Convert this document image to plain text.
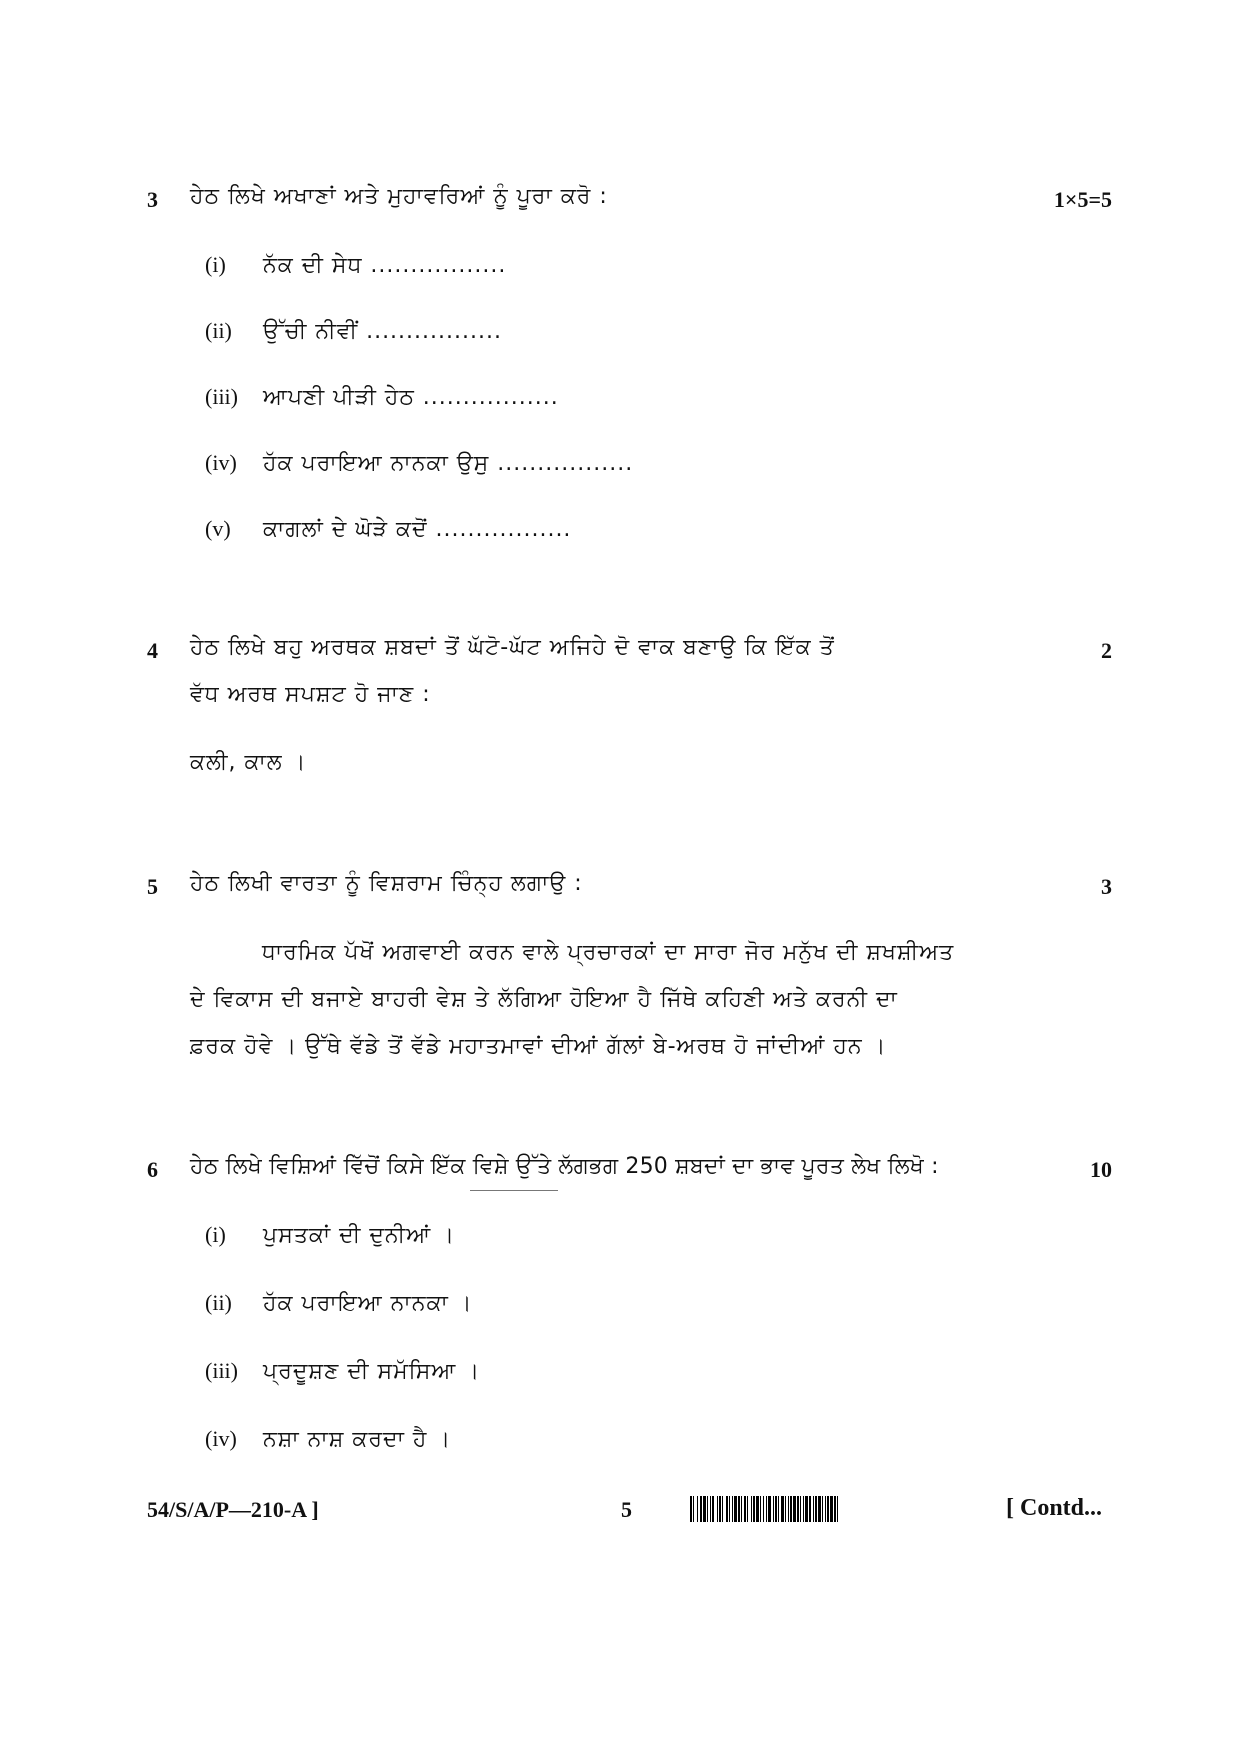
3 ਹੇਠ ਲਿਖੇ ਅਖਾਣਾਂ ਅਤੇ ਮੁਹਾਵਰਿਆਂ ਨੂੰ ਪੂਰਾ ਕਰੋ :	1×5=5
(i) ਨੱਕ ਦੀ ਸੇਧ .................
(ii) ਉੱਚੀ ਨੀਵੀਂ .................
(iii) ਆਪਣੀ ਪੀੜੀ ਹੇਠ .................
(iv) ਹੱਕ ਪਰਾਇਆ ਨਾਨਕਾ ਉਸੁ .................
(v) ਕਾਗਲਾਂ ਦੇ ਘੋੜੇ ਕਦੋਂ .................
4 ਹੇਠ ਲਿਖੇ ਬਹੁ ਅਰਥਕ ਸ਼ਬਦਾਂ ਤੋਂ ਘੱਟੋ-ਘੱਟ ਅਜਿਹੇ ਦੋ ਵਾਕ ਬਣਾਉ ਕਿ ਇੱਕ ਤੋਂ	2
ਵੱਧ ਅਰਥ ਸਪਸ਼ਟ ਹੋ ਜਾਣ :
ਕਲੀ, ਕਾਲ ।
5 ਹੇਠ ਲਿਖੀ ਵਾਰਤਾ ਨੂੰ ਵਿਸ਼ਰਾਮ ਚਿੰਨ੍ਹ ਲਗਾਉ :	3
ਧਾਰਮਿਕ ਪੱਖੋਂ ਅਗਵਾਈ ਕਰਨ ਵਾਲੇ ਪ੍ਰਚਾਰਕਾਂ ਦਾ ਸਾਰਾ ਜੋਰ ਮਨੁੱਖ ਦੀ ਸ਼ਖਸ਼ੀਅਤ
ਦੇ ਵਿਕਾਸ ਦੀ ਬਜਾਏ ਬਾਹਰੀ ਵੇਸ਼ ਤੇ ਲੱਗਿਆ ਹੋਇਆ ਹੈ ਜਿੱਥੇ ਕਹਿਣੀ ਅਤੇ ਕਰਨੀ ਦਾ
ਫ਼ਰਕ ਹੋਵੇ । ਉੱਥੇ ਵੱਡੇ ਤੋਂ ਵੱਡੇ ਮਹਾਤਮਾਵਾਂ ਦੀਆਂ ਗੱਲਾਂ ਬੇ-ਅਰਥ ਹੋ ਜਾਂਦੀਆਂ ਹਨ ।
6 ਹੇਠ ਲਿਖੇ ਵਿਸ਼ਿਆਂ ਵਿੱਚੋਂ ਕਿਸੇ ਇੱਕ ਵਿਸ਼ੇ ਉੱਤੇ ਲੱਗਭਗ 250 ਸ਼ਬਦਾਂ ਦਾ ਭਾਵ ਪੂਰਤ ਲੇਖ ਲਿਖੋ :	10
(i) ਪੁਸਤਕਾਂ ਦੀ ਦੁਨੀਆਂ ।
(ii) ਹੱਕ ਪਰਾਇਆ ਨਾਨਕਾ ।
(iii) ਪ੍ਰਦੂਸ਼ਣ ਦੀ ਸਮੱਸਿਆ ।
(iv) ਨਸ਼ਾ ਨਾਸ਼ ਕਰਦਾ ਹੈ ।
54/S/A/P—210-A ]	5	[ Contd...
